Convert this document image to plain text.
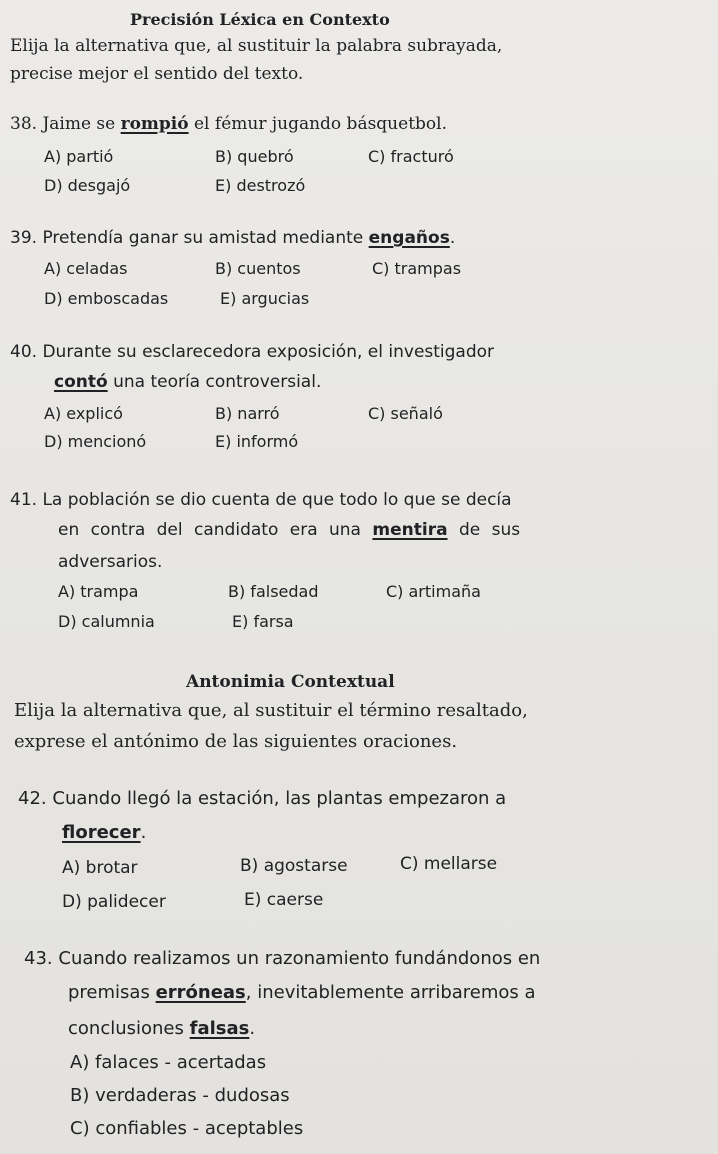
Precisión Léxica en Contexto
Elija la alternativa que, al sustituir la palabra subrayada,
precise mejor el sentido del texto.
38. Jaime se rompió el fémur jugando básquetbol.
A) partió	B) quebró	C) fracturó
D) desgajó	E) destrozó
39. Pretendía ganar su amistad mediante engaños.
A) celadas	B) cuentos	C) trampas
D) emboscadas	E) argucias
40. Durante su esclarecedora exposición, el investigador
contó una teoría controversial.
A) explicó	B) narró	C) señaló
D) mencionó	E) informó
41. La población se dio cuenta de que todo lo que se decía
en contra del candidato era una mentira de sus
adversarios.
A) trampa	B) falsedad	C) artimaña
D) calumnia	E) farsa
Antonimia Contextual
Elija la alternativa que, al sustituir el término resaltado,
exprese el antónimo de las siguientes oraciones.
42. Cuando llegó la estación, las plantas empezaron a
florecer.
A) brotar	B) agostarse	C) mellarse
D) palidecer	E) caerse
43. Cuando realizamos un razonamiento fundándonos en
premisas erróneas, inevitablemente arribaremos a
conclusiones falsas.
A) falaces - acertadas
B) verdaderas - dudosas
C) confiables - aceptables
